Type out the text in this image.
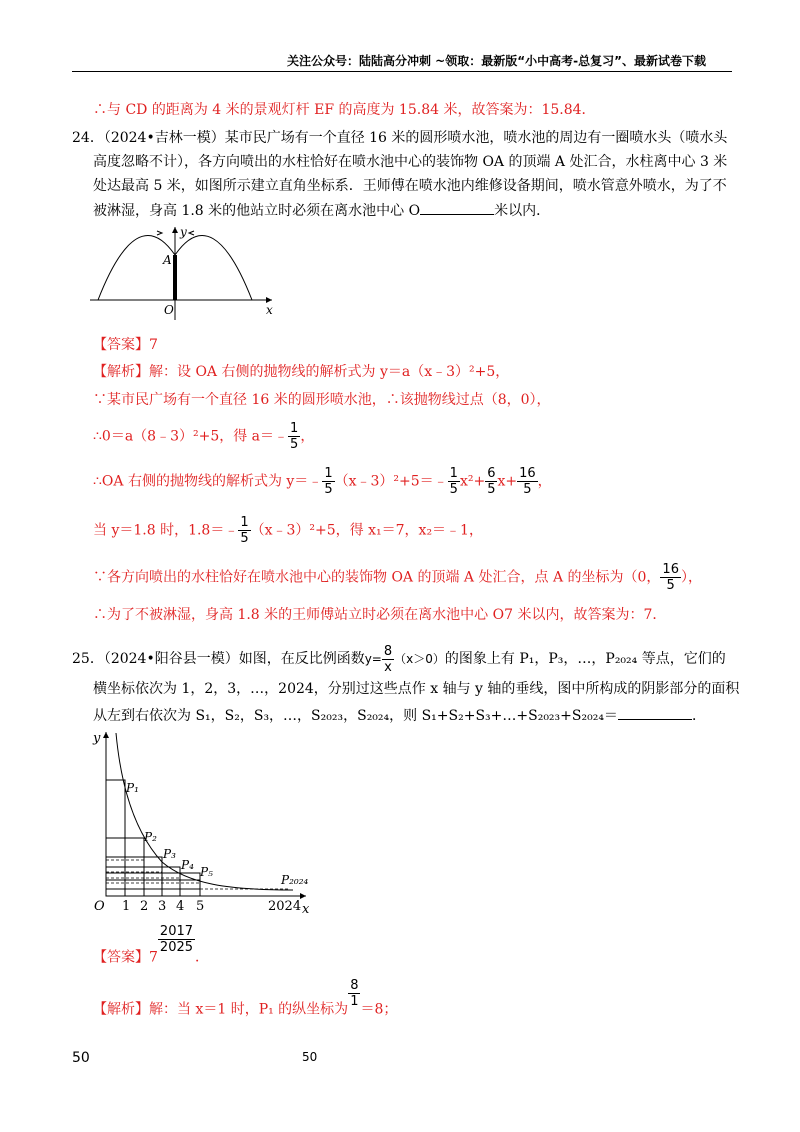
关注公众号：陆陆高分冲刺 ~领取：最新版“小中高考-总复习”、最新试卷下载
∴与 CD 的距离为 4 米的景观灯杆 EF 的高度为 15.84 米，故答案为：15.84．
24．（2024•吉林一模）某市民广场有一个直径 16 米的圆形喷水池，喷水池的周边有一圈喷水头（喷水头
高度忽略不计），各方向喷出的水柱恰好在喷水池中心的装饰物 OA 的顶端 A 处汇合，水柱离中心 3 米
处达最高 5 米，如图所示建立直角坐标系．王师傅在喷水池内维修设备期间，喷水管意外喷水，为了不
被淋湿，身高 1.8 米的他站立时必须在离水池中心 O	米以内．
y
A
O	x
【答案】7
【解析】解：设 OA 右侧的抛物线的解析式为 y＝a（x﹣3）²+5，
∵某市民广场有一个直径 16 米的圆形喷水池，∴该抛物线过点（8，0），
∴0＝a（8﹣3）²+5，得 a＝﹣ $\frac{1}{5}$ ，
∴OA 右侧的抛物线的解析式为 y＝﹣ $\frac{1}{5}$ （x﹣3）²+5＝﹣ $\frac{1}{5} x^2+ \frac{6}{5} x+ \frac{16}{5}$ ，
当 y＝1.8 时，1.8＝﹣ $\frac{1}{5}$ （x﹣3）²+5，得 x₁＝7，x₂＝﹣1，
∵各方向喷出的水柱恰好在喷水池中心的装饰物 OA 的顶端 A 处汇合，点 A 的坐标为（0， $\frac{16}{5}$ ），
∴为了不被淋湿，身高 1.8 米的王师傅站立时必须在离水池中心 O7 米以内，故答案为：7．
25．（2024•阳谷县一模）如图，在反比例函数$y= \frac{8}{x} (x>0)$的图象上有 P₁，P₃，…，P₂₀₂₄ 等点，它们的
横坐标依次为 1，2，3，…，2024，分别过这些点作 x 轴与 y 轴的垂线，图中所构成的阴影部分的面积
从左到右依次为 S₁，S₂，S₃，…，S₂₀₂₃，S₂₀₂₄，则 S₁+S₂+S₃+…+S₂₀₂₃+S₂₀₂₄＝	．
P₁
P₂
P₃
P₄ P₅
P₂₀₂₄
y
O	x
1 2 3 4 5	2024
【答案】7
$\frac{2017}{2025}$
．
【解析】解：当 x＝1 时，P₁ 的纵坐标为
$\frac{8}{1}$
＝8；
50	50
